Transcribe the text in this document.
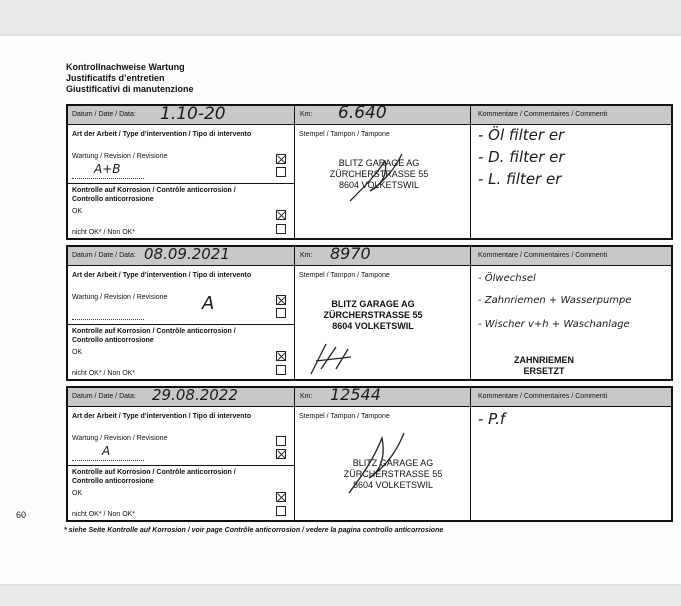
Kontrollnachweise Wartung
Justificatifs d’entretien
Giustificativi di manutenzione
Datum / Date / Data:	Km:	Kommentare / Commentaires / Commenti
1.10-20	6.640
Art der Arbeit / Type d’intervention / Tipo di intervento	Stempel / Tampon / Tampone
Wartung / Revision / Revisione
A+B
Kontrolle auf Korrosion / Contrôle anticorrosion /
Controllo anticorrosione
OK
nicht OK* / Non OK*
BLITZ GARAGE AG
ZÜRCHERSTRASSE 55
8604 VOLKETSWIL
- Öl filter er
- D. filter er
- L. filter er
Datum / Date / Data:	Km:	Kommentare / Commentaires / Commenti
08.09.2021	8970
Art der Arbeit / Type d’intervention / Tipo di intervento	Stempel / Tampon / Tampone
Wartung / Revision / Revisione A
Kontrolle auf Korrosion / Contrôle anticorrosion /
Controllo anticorrosione
OK
nicht OK* / Non OK*
BLITZ GARAGE AG
ZÜRCHERSTRASSE 55
8604 VOLKETSWIL
- Ölwechsel
- Zahnriemen + Wasserpumpe
- Wischer v+h + Waschanlage
ZAHNRIEMEN
ERSETZT
Datum / Date / Data:	Km:	Kommentare / Commentaires / Commenti
29.08.2022	12544
Art der Arbeit / Type d’intervention / Tipo di intervento	Stempel / Tampon / Tampone
Wartung / Revision / Revisione
A
Kontrolle auf Korrosion / Contrôle anticorrosion /
Controllo anticorrosione
OK
nicht OK* / Non OK*
BLITZ GARAGE AG
ZÜRCHERSTRASSE 55
8604 VOLKETSWIL
- P.f
60
* siehe Seite Kontrolle auf Korrosion / voir page Contrôle anticorrosion / vedere la pagina controllo anticorrosione
